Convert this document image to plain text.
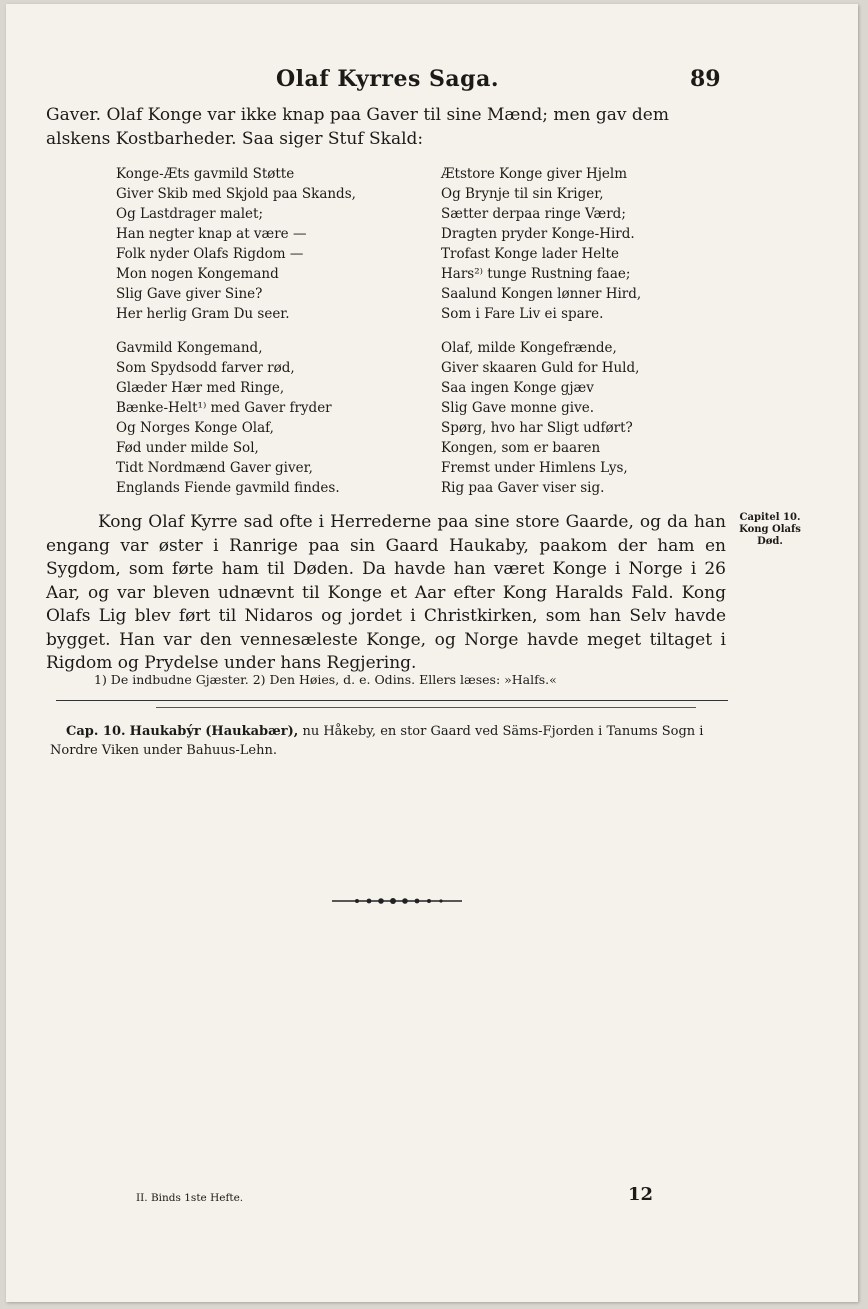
Olaf Kyrres Saga.	89
Gaver. Olaf Konge var ikke knap paa Gaver til sine Mænd; men gav dem alskens Kostbarheder. Saa siger Stuf Skald:
Konge-Æts gavmild Støtte
Giver Skib med Skjold paa Skands,
Og Lastdrager malet;
Han negter knap at være —
Folk nyder Olafs Rigdom —
Mon nogen Kongemand
Slig Gave giver Sine?
Her herlig Gram Du seer.
Ætstore Konge giver Hjelm
Og Brynje til sin Kriger,
Sætter derpaa ringe Værd;
Dragten pryder Konge-Hird.
Trofast Konge lader Helte
Hars²⁾ tunge Rustning faae;
Saalund Kongen lønner Hird,
Som i Fare Liv ei spare.
Gavmild Kongemand,
Som Spydsodd farver rød,
Glæder Hær med Ringe,
Bænke-Helt¹⁾ med Gaver fryder
Og Norges Konge Olaf,
Fød under milde Sol,
Tidt Nordmænd Gaver giver,
Englands Fiende gavmild findes.
Olaf, milde Kongefrænde,
Giver skaaren Guld for Huld,
Saa ingen Konge gjæv
Slig Gave monne give.
Spørg, hvo har Sligt udført?
Kongen, som er baaren
Fremst under Himlens Lys,
Rig paa Gaver viser sig.
Kong Olaf Kyrre sad ofte i Herrederne paa sine store Gaarde, og da han engang var øster i Ranrige paa sin Gaard Haukaby, paakom der ham en Sygdom, som førte ham til Døden. Da havde han været Konge i Norge i 26 Aar, og var bleven udnævnt til Konge et Aar efter Kong Haralds Fald. Kong Olafs Lig blev ført til Nidaros og jordet i Christkirken, som han Selv havde bygget. Han var den vennesæleste Konge, og Norge havde meget tiltaget i Rigdom og Prydelse under hans Regjering.
Capitel 10.
Kong Olafs Død.
1) De indbudne Gjæster. 2) Den Høies, d. e. Odins. Ellers læses: »Halfs.«
Cap. 10. Haukabýr (Haukabær), nu Håkeby, en stor Gaard ved Säms-Fjorden i Tanums Sogn i Nordre Viken under Bahuus-Lehn.
II. Binds 1ste Hefte.	12
